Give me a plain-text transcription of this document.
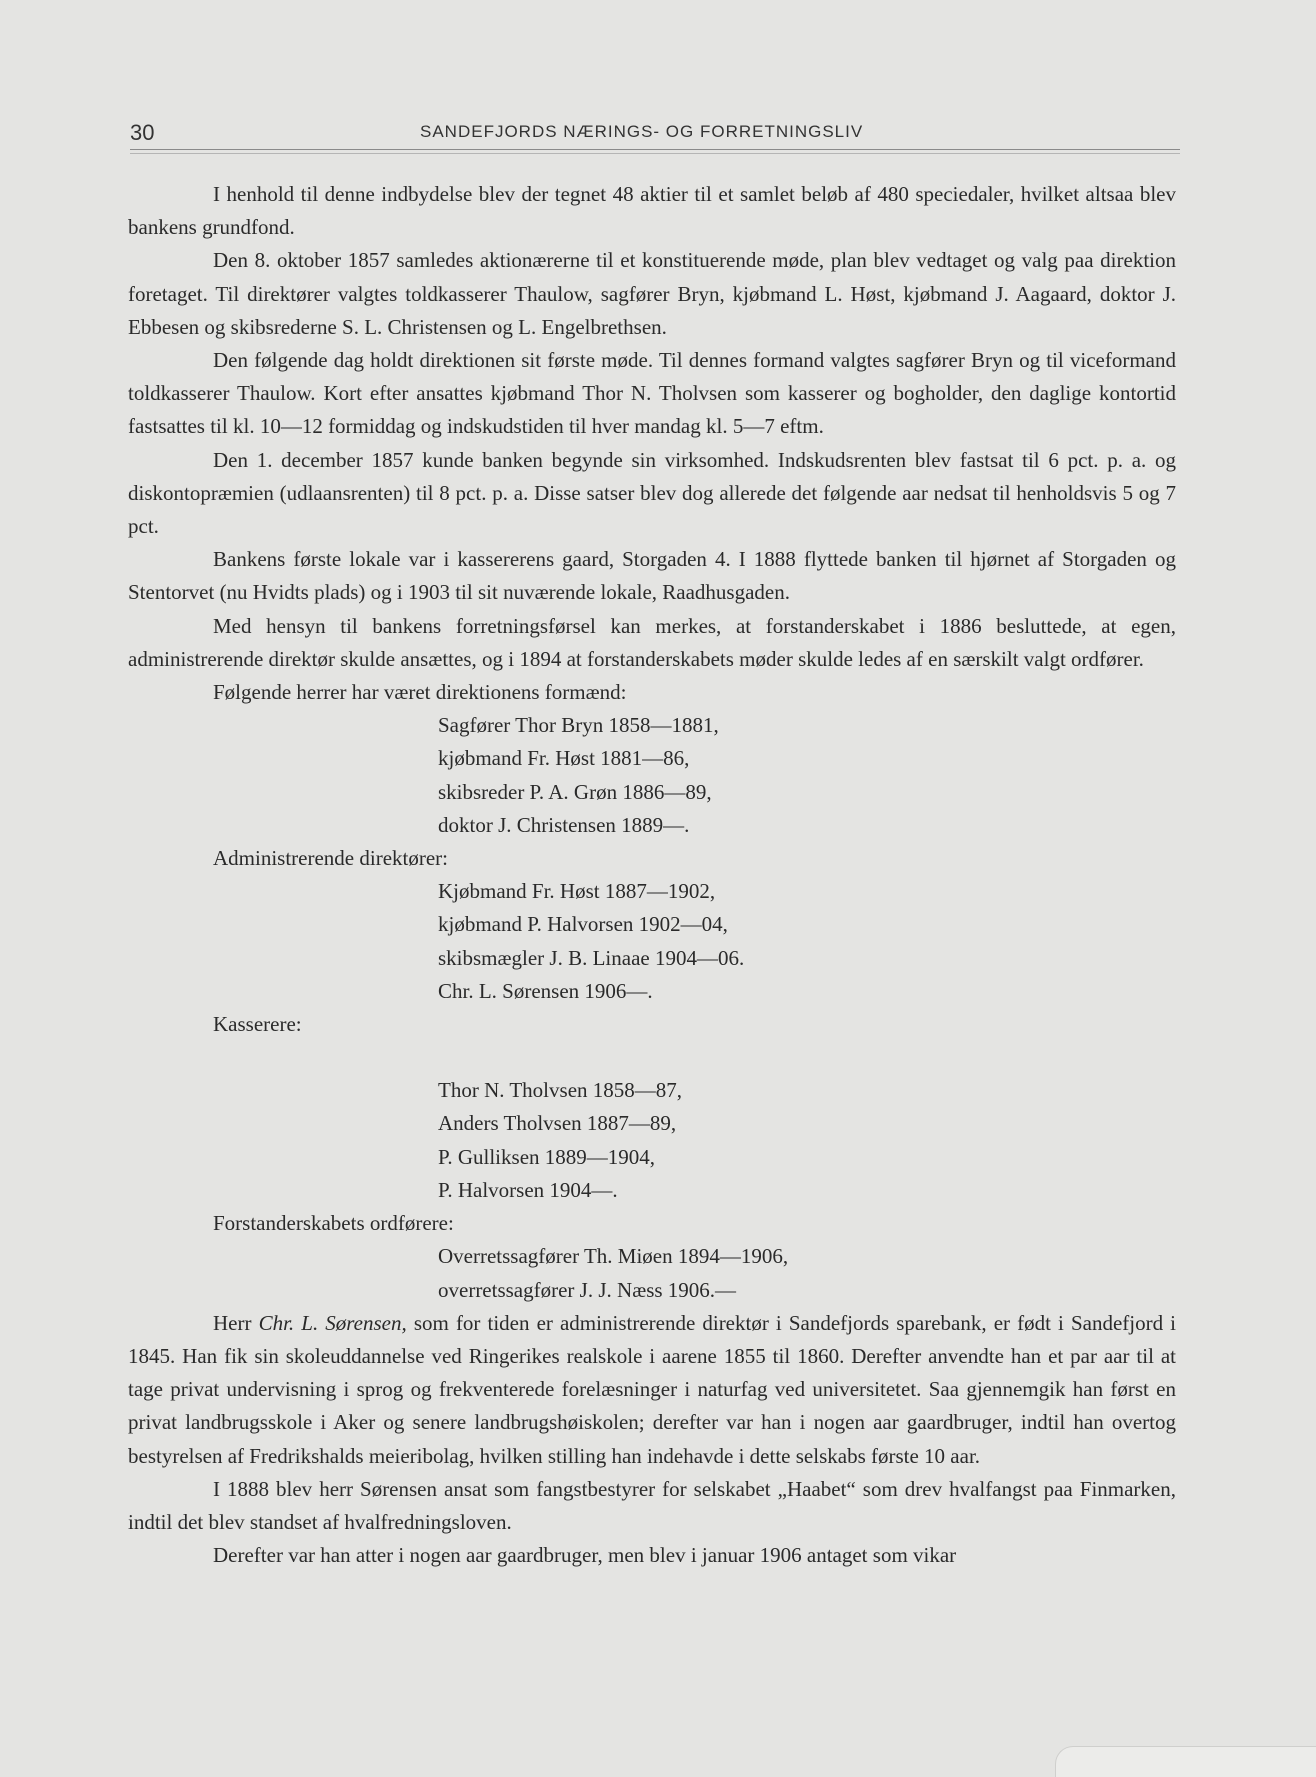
30	SANDEFJORDS NÆRINGS- OG FORRETNINGSLIV

I henhold til denne indbydelse blev der tegnet 48 aktier til et samlet beløb af 480 speciedaler, hvilket altsaa blev bankens grundfond.

Den 8. oktober 1857 samledes aktionærerne til et konstituerende møde, plan blev vedtaget og valg paa direktion foretaget. Til direktører valgtes toldkasserer Thaulow, sagfører Bryn, kjøbmand L. Høst, kjøbmand J. Aagaard, doktor J. Ebbesen og skibsrederne S. L. Christensen og L. Engelbrethsen.

Den følgende dag holdt direktionen sit første møde. Til dennes formand valgtes sagfører Bryn og til viceformand toldkasserer Thaulow. Kort efter ansattes kjøbmand Thor N. Tholvsen som kasserer og bogholder, den daglige kontortid fastsattes til kl. 10—12 formiddag og indskudstiden til hver mandag kl. 5—7 eftm.

Den 1. december 1857 kunde banken begynde sin virksomhed. Indskudsrenten blev fastsat til 6 pct. p. a. og diskontopræmien (udlaansrenten) til 8 pct. p. a. Disse satser blev dog allerede det følgende aar nedsat til henholdsvis 5 og 7 pct.

Bankens første lokale var i kassererens gaard, Storgaden 4. I 1888 flyttede banken til hjørnet af Storgaden og Stentorvet (nu Hvidts plads) og i 1903 til sit nuværende lokale, Raadhusgaden.

Med hensyn til bankens forretningsførsel kan merkes, at forstanderskabet i 1886 besluttede, at egen, administrerende direktør skulde ansættes, og i 1894 at forstanderskabets møder skulde ledes af en særskilt valgt ordfører.

Følgende herrer har været direktionens formænd:
Sagfører Thor Bryn 1858—1881,
kjøbmand Fr. Høst 1881—86,
skibsreder P. A. Grøn 1886—89,
doktor J. Christensen 1889—.
Administrerende direktører:
Kjøbmand Fr. Høst 1887—1902,
kjøbmand P. Halvorsen 1902—04,
skibsmægler J. B. Linaae 1904—06.
Chr. L. Sørensen 1906—.
Kasserere:
Thor N. Tholvsen 1858—87,
Anders Tholvsen 1887—89,
P. Gulliksen 1889—1904,
P. Halvorsen 1904—.
Forstanderskabets ordførere:
Overretssagfører Th. Miøen 1894—1906,
overretssagfører J. J. Næss 1906.—

Herr Chr. L. Sørensen, som for tiden er administrerende direktør i Sandefjords sparebank, er født i Sandefjord i 1845. Han fik sin skoleuddannelse ved Ringerikes realskole i aarene 1855 til 1860. Derefter anvendte han et par aar til at tage privat undervisning i sprog og frekventerede forelæsninger i naturfag ved universitetet. Saa gjennemgik han først en privat landbrugsskole i Aker og senere landbrugshøiskolen; derefter var han i nogen aar gaardbruger, indtil han overtog bestyrelsen af Fredrikshalds meieribolag, hvilken stilling han indehavde i dette selskabs første 10 aar.

I 1888 blev herr Sørensen ansat som fangstbestyrer for selskabet „Haabet“ som drev hvalfangst paa Finmarken, indtil det blev standset af hvalfredningsloven.

Derefter var han atter i nogen aar gaardbruger, men blev i januar 1906 antaget som vikar
